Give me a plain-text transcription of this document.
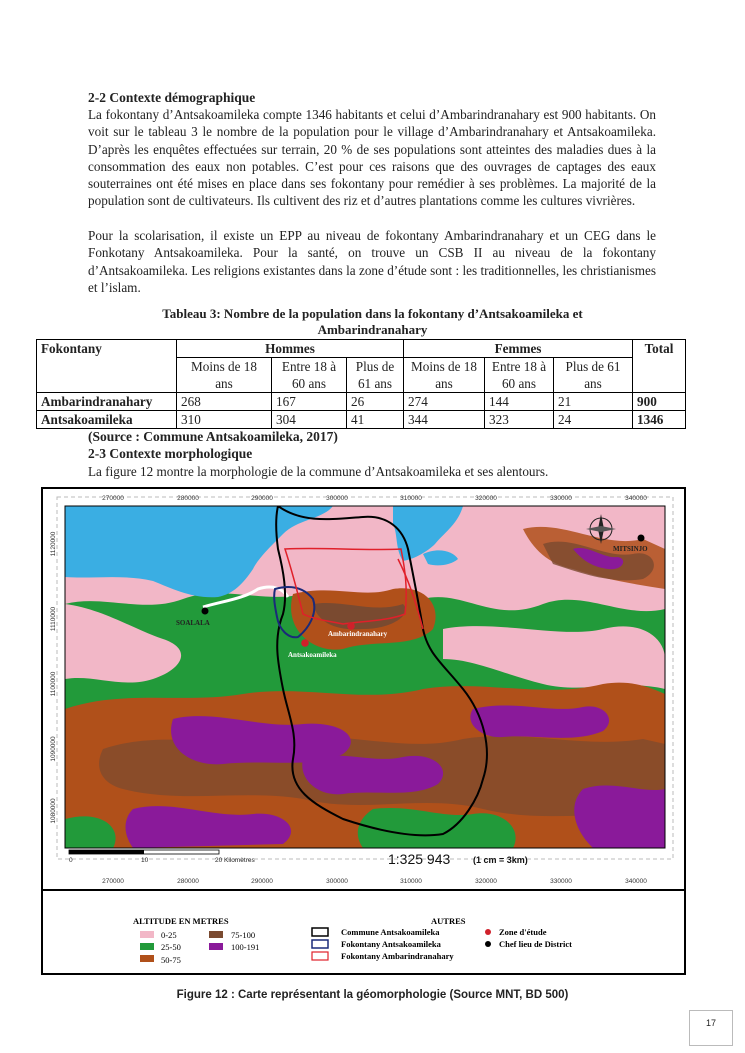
2-2 Contexte démographique
La fokontany d’Antsakoamileka compte 1346 habitants et celui d’Ambarindranahary est 900 habitants. On voit sur le tableau 3 le nombre de la population pour le village d’Ambarindranahary et Antsakoamileka. D’après les enquêtes effectuées sur terrain, 20 % de ses populations sont atteintes des maladies dues à la consommation des eaux non potables. C’est pour ces raisons que des ouvrages de captages des eaux souterraines ont été mises en place dans ses fokontany pour remédier à ses problèmes. La majorité de la population sont de cultivateurs. Ils cultivent des riz et d’autres plantations comme les cultures vivrières.
Pour la scolarisation, il existe un EPP au niveau de fokontany Ambarindranahary et un CEG dans le Fonkotany Antsakoamileka. Pour la santé, on trouve un CSB II au niveau de la fokontany d’Antsakoamileka. Les religions existantes dans la zone d’étude sont : les traditionnelles, les christianismes et l’islam.
Tableau 3: Nombre de la population dans la fokontany d’Antsakoamileka et Ambarindranahary
Fokontany	Hommes			Femmes			Total
	Moins de 18 ans	Entre 18 à 60 ans	Plus de 61 ans	Moins de 18 ans	Entre 18 à 60 ans	Plus de 61 ans	
Ambarindranahary	268	167	26	274	144	21	900
Antsakoamileka	310	304	41	344	323	24	1346
(Source : Commune Antsakoamileka, 2017)
2-3 Contexte morphologique
La figure 12 montre la morphologie de la commune d’Antsakoamileka et ses alentours.
270000	280000	290000	300000	310000	320000	330000	340000
270000	280000	290000	300000	310000	320000	330000	340000
1120000
1110000
1100000
1090000
1080000
SOALALA
MITSINJO
Ambarindranahary
Antsakoamileka
0	10	20 Kilomètres	1:325 943	(1 cm = 3km)
ALTITUDE EN METRES
0-25
25-50
50-75
75-100
100-191
AUTRES
Commune Antsakoamileka
Fokontany Antsakoamileka
Fokontany Ambarindranahary
Zone d'étude
Chef lieu de District
Figure 12 : Carte représentant la géomorphologie (Source MNT, BD 500)
17
